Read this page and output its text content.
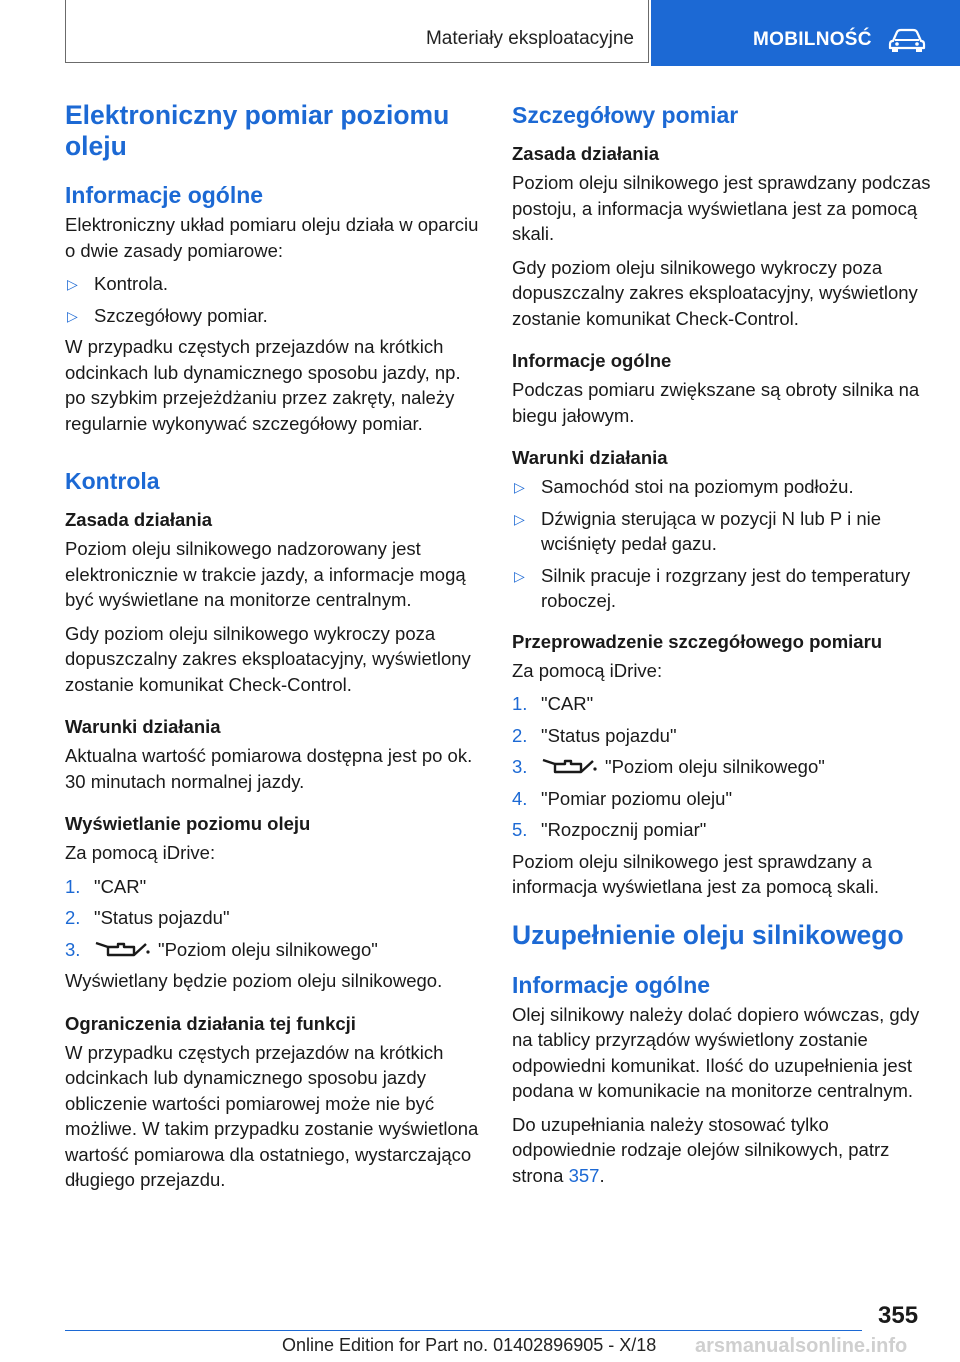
Materiały eksploatacyjne	MOBILNOŚĆ
Elektroniczny pomiar poziomu oleju
Informacje ogólne

Elektroniczny układ pomiaru oleju działa w oparciu o dwie zasady pomiarowe:

▷ Kontrola.
▷ Szczegółowy pomiar.

W przypadku częstych przejazdów na krótkich odcinkach lub dynamicznego sposobu jazdy, np. po szybkim przejeżdżaniu przez zakręty, należy regularnie wykonywać szczegółowy pomiar.

Kontrola
Zasada działania

Poziom oleju silnikowego nadzorowany jest elektronicznie w trakcie jazdy, a informacje mogą być wyświetlane na monitorze centralnym.

Gdy poziom oleju silnikowego wykroczy poza dopuszczalny zakres eksploatacyjny, wyświetlony zostanie komunikat Check-Control.

Warunki działania

Aktualna wartość pomiarowa dostępna jest po ok. 30 minutach normalnej jazdy.

Wyświetlanie poziomu oleju

Za pomocą iDrive:

1. "CAR"
2. "Status pojazdu"
3.	"Poziom oleju silnikowego"

Wyświetlany będzie poziom oleju silnikowego.

Ograniczenia działania tej funkcji

W przypadku częstych przejazdów na krótkich odcinkach lub dynamicznego sposobu jazdy obliczenie wartości pomiarowej może nie być możliwe. W takim przypadku zostanie wyświetlona wartość pomiarowa dla ostatniego, wystarczająco długiego przejazdu.

Szczegółowy pomiar
Zasada działania

Poziom oleju silnikowego jest sprawdzany podczas postoju, a informacja wyświetlana jest za pomocą skali.

Gdy poziom oleju silnikowego wykroczy poza dopuszczalny zakres eksploatacyjny, wyświetlony zostanie komunikat Check-Control.

Informacje ogólne

Podczas pomiaru zwiększane są obroty silnika na biegu jałowym.

Warunki działania
▷ Samochód stoi na poziomym podłożu.
▷ Dźwignia sterująca w pozycji N lub P i nie wciśnięty pedał gazu.
▷ Silnik pracuje i rozgrzany jest do temperatury roboczej.
Przeprowadzenie szczegółowego pomiaru

Za pomocą iDrive:

1. "CAR"
2. "Status pojazdu"
3.	"Poziom oleju silnikowego"
4. "Pomiar poziomu oleju"
5. "Rozpocznij pomiar"

Poziom oleju silnikowego jest sprawdzany a informacja wyświetlana jest za pomocą skali.

Uzupełnienie oleju silnikowego
Informacje ogólne

Olej silnikowy należy dolać dopiero wówczas, gdy na tablicy przyrządów wyświetlony zostanie odpowiedni komunikat. Ilość do uzupełnienia jest podana w komunikacie na monitorze centralnym.

Do uzupełniania należy stosować tylko odpowiednie rodzaje olejów silnikowych, patrz strona 357.

355
Online Edition for Part no. 01402896905 - X/18 arsmanualsonline.info
